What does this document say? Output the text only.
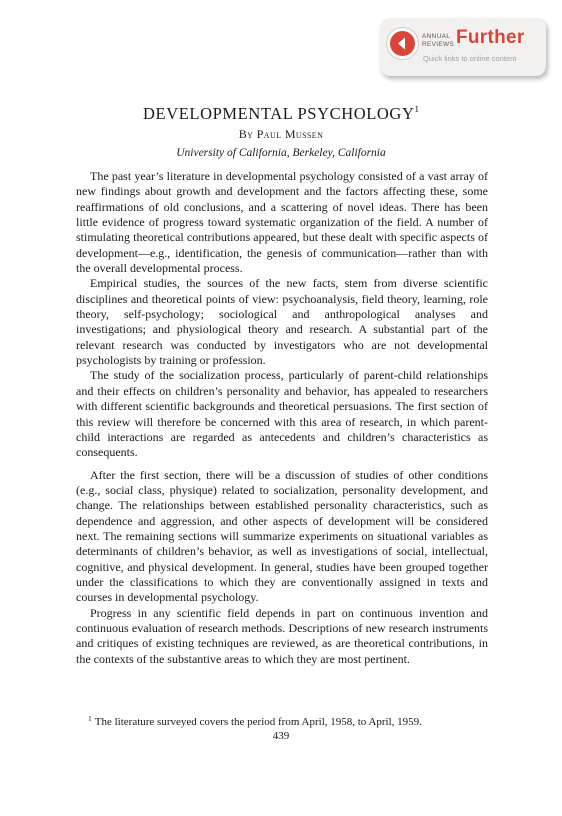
ANNUAL
REVIEWS Further
Quick links to online content
DEVELOPMENTAL PSYCHOLOGY$^1$
By Paul Mussen
University of California, Berkeley, California

The past year’s literature in developmental psychology consisted of a vast array of new findings about growth and development and the factors affecting these, some reaffirmations of old conclusions, and a scattering of novel ideas. There has been little evidence of progress toward systematic organization of the field. A number of stimulating theoretical contributions appeared, but these dealt with specific aspects of development—e.g., identification, the genesis of communication—rather than with the overall developmental process.

Empirical studies, the sources of the new facts, stem from diverse scientific disciplines and theoretical points of view: psychoanalysis, field theory, learning, role theory, self-psychology; sociological and anthropological analyses and investigations; and physiological theory and research. A substantial part of the relevant research was conducted by investigators who are not developmental psychologists by training or profession.

The study of the socialization process, particularly of parent-child relationships and their effects on children’s personality and behavior, has appealed to researchers with different scientific backgrounds and theoretical persuasions. The first section of this review will therefore be concerned with this area of research, in which parent-child interactions are regarded as antecedents and children’s characteristics as consequents.

After the first section, there will be a discussion of studies of other conditions (e.g., social class, physique) related to socialization, personality development, and change. The relationships between established personality characteristics, such as dependence and aggression, and other aspects of development will be considered next. The remaining sections will summarize experiments on situational variables as determinants of children’s behavior, as well as investigations of social, intellectual, cognitive, and physical development. In general, studies have been grouped together under the classifications to which they are conventionally assigned in texts and courses in developmental psychology.

Progress in any scientific field depends in part on continuous invention and continuous evaluation of research methods. Descriptions of new research instruments and critiques of existing techniques are reviewed, as are theoretical contributions, in the contexts of the substantive areas to which they are most pertinent.

$^1$ The literature surveyed covers the period from April, 1958, to April, 1959.
439
